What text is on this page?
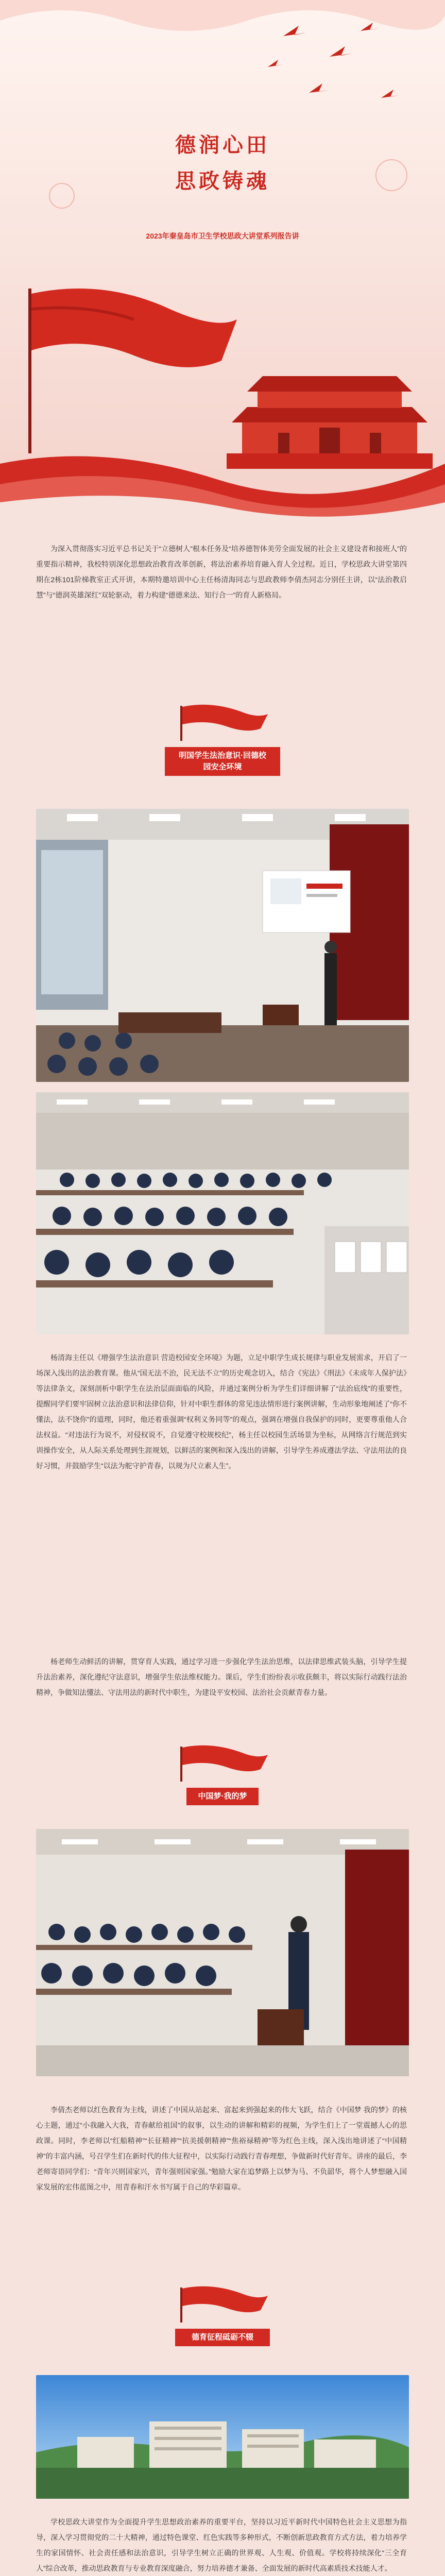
德润心田
思政铸魂
2023年秦皇岛市卫生学校思政大讲堂系列报告讲
为深入贯彻落实习近平总书记关于“立德树人”根本任务及“培养德智体美劳全面发展的社会主义建设者和接班人”的重要指示精神，我校特别深化思想政治教育改革创新，将法治素养培育融入育人全过程。近日，学校思政大讲堂第四期在2栋101阶梯教室正式开讲，本期特邀培训中心主任杨清海同志与思政教师李倩杰同志分别任主讲，以“法治教启慧”与“德润英雄深红”双轮驱动，着力构建“德德来法、知行合一”的育人新格局。
明国学生法治意识·回德校
园安全环境
杨清海主任以《增强学生法治意识 营造校园安全环境》为题，立足中职学生成长规律与职业发展需求，开启了一场深入浅出的法治教育课。他从“国无法不治，民无法不立”的历史观念切入，结合《宪法》《刑法》《未成年人保护法》等法律条文，深刻剖析中职学生在法治层面面临的风险，并通过案例分析为学生们详细讲解了“法治底线”的重要性，提醒同学们要牢固树立法治意识和法律信仰，针对中职生群体的常见违法情形进行案例讲解，生动形象地阐述了“你不懂法，法不饶你”的道理，同时，他还着重强调“权利义务同等”的观点，强调在增强自我保护的同时，更要尊重他人合法权益。“对违法行为说不，对侵权说不，自觉遵守校规校纪”，杨主任以校园生活场景为坐标，从网络言行规范到实训操作安全，从人际关系处理到生涯规划，以鲜活的案例和深入浅出的讲解，引导学生养成遵法学法、守法用法的良好习惯，并鼓励学生“以法为舵守护青春，以规为尺立素人生”。
杨老师生动鲜活的讲解，贯穿育人实践，通过学习进一步强化学生法治思维，以法律思维武装头脑，引导学生提升法治素养，深化遵纪守法意识，增强学生依法维权能力。课后，学生们纷纷表示收获颇丰，将以实际行动践行法治精神，争做知法懂法、守法用法的新时代中职生，为建设平安校园、法治社会贡献青春力量。
中国梦·我的梦
李倩杰老师以红色教育为主线，讲述了中国从站起来、富起来到强起来的伟大飞跃，结合《中国梦 我的梦》的核心主题，通过“小我融入大我，青春献给祖国”的叙事，以生动的讲解和精彩的视频，为学生们上了一堂震撼人心的思政课。同时，李老师以“红船精神”“长征精神”“抗美援朝精神”“焦裕禄精神”等为红色主线，深入浅出地讲述了“中国精神”的丰富内涵，号召学生们在新时代的伟大征程中，以实际行动践行青春理想，争做新时代好青年。讲座的最后，李老师寄语同学们：“青年兴则国家兴，青年强则国家强。”勉励大家在追梦路上以梦为马、不负韶华，将个人梦想融入国家发展的宏伟蓝图之中，用青春和汗水书写属于自己的华彩篇章。
德育征程砥砺不辍
学校思政大讲堂作为全面提升学生思想政治素养的重要平台，坚持以习近平新时代中国特色社会主义思想为指导，深入学习贯彻党的二十大精神，通过特色课堂、红色实践等多种形式，不断创新思政教育方式方法，着力培养学生的家国情怀、社会责任感和法治意识，引导学生树立正确的世界观、人生观、价值观。学校将持续深化“三全育人”综合改革，推动思政教育与专业教育深度融合，努力培养德才兼备、全面发展的新时代高素质技术技能人才。
